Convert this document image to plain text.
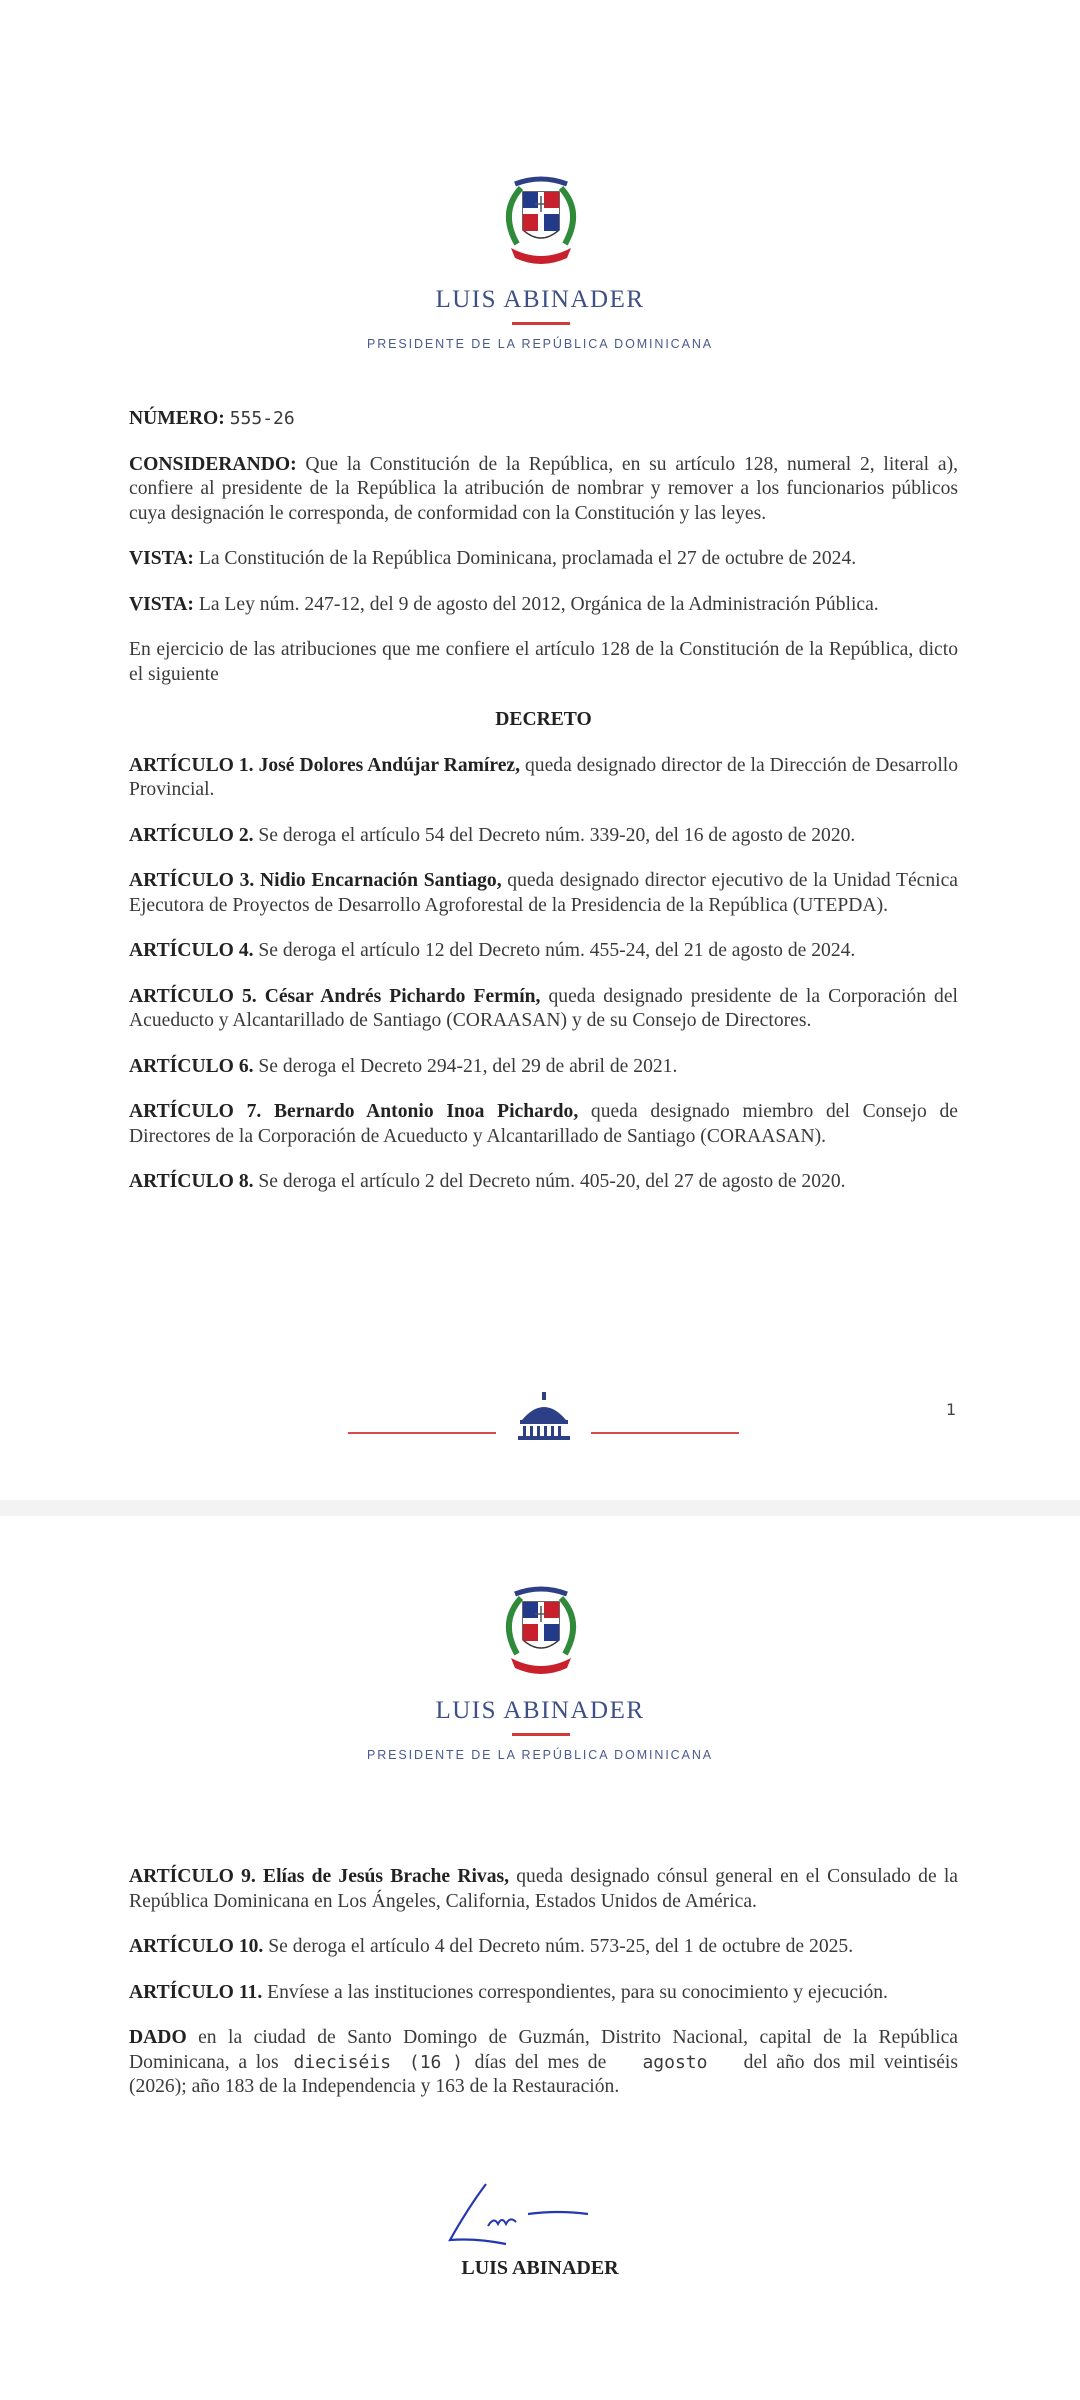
LUIS ABINADER
PRESIDENTE DE LA REPÚBLICA DOMINICANA

NÚMERO: 555-26

CONSIDERANDO: Que la Constitución de la República, en su artículo 128, numeral 2, literal a), confiere al presidente de la República la atribución de nombrar y remover a los funcionarios públicos cuya designación le corresponda, de conformidad con la Constitución y las leyes.

VISTA: La Constitución de la República Dominicana, proclamada el 27 de octubre de 2024.

VISTA: La Ley núm. 247-12, del 9 de agosto del 2012, Orgánica de la Administración Pública.

En ejercicio de las atribuciones que me confiere el artículo 128 de la Constitución de la República, dicto el siguiente

DECRETO

ARTÍCULO 1. José Dolores Andújar Ramírez, queda designado director de la Dirección de Desarrollo Provincial.

ARTÍCULO 2. Se deroga el artículo 54 del Decreto núm. 339-20, del 16 de agosto de 2020.

ARTÍCULO 3. Nidio Encarnación Santiago, queda designado director ejecutivo de la Unidad Técnica Ejecutora de Proyectos de Desarrollo Agroforestal de la Presidencia de la República (UTEPDA).

ARTÍCULO 4. Se deroga el artículo 12 del Decreto núm. 455-24, del 21 de agosto de 2024.

ARTÍCULO 5. César Andrés Pichardo Fermín, queda designado presidente de la Corporación del Acueducto y Alcantarillado de Santiago (CORAASAN) y de su Consejo de Directores.

ARTÍCULO 6. Se deroga el Decreto 294-21, del 29 de abril de 2021.

ARTÍCULO 7. Bernardo Antonio Inoa Pichardo, queda designado miembro del Consejo de Directores de la Corporación de Acueducto y Alcantarillado de Santiago (CORAASAN).

ARTÍCULO 8. Se deroga el artículo 2 del Decreto núm. 405-20, del 27 de agosto de 2020.

1
LUIS ABINADER
PRESIDENTE DE LA REPÚBLICA DOMINICANA

ARTÍCULO 9. Elías de Jesús Brache Rivas, queda designado cónsul general en el Consulado de la República Dominicana en Los Ángeles, California, Estados Unidos de América.

ARTÍCULO 10. Se deroga el artículo 4 del Decreto núm. 573-25, del 1 de octubre de 2025.

ARTÍCULO 11. Envíese a las instituciones correspondientes, para su conocimiento y ejecución.

DADO en la ciudad de Santo Domingo de Guzmán, Distrito Nacional, capital de la República Dominicana, a los dieciséis (16 ) días del mes de agosto del año dos mil veintiséis (2026); año 183 de la Independencia y 163 de la Restauración.

LUIS ABINADER
